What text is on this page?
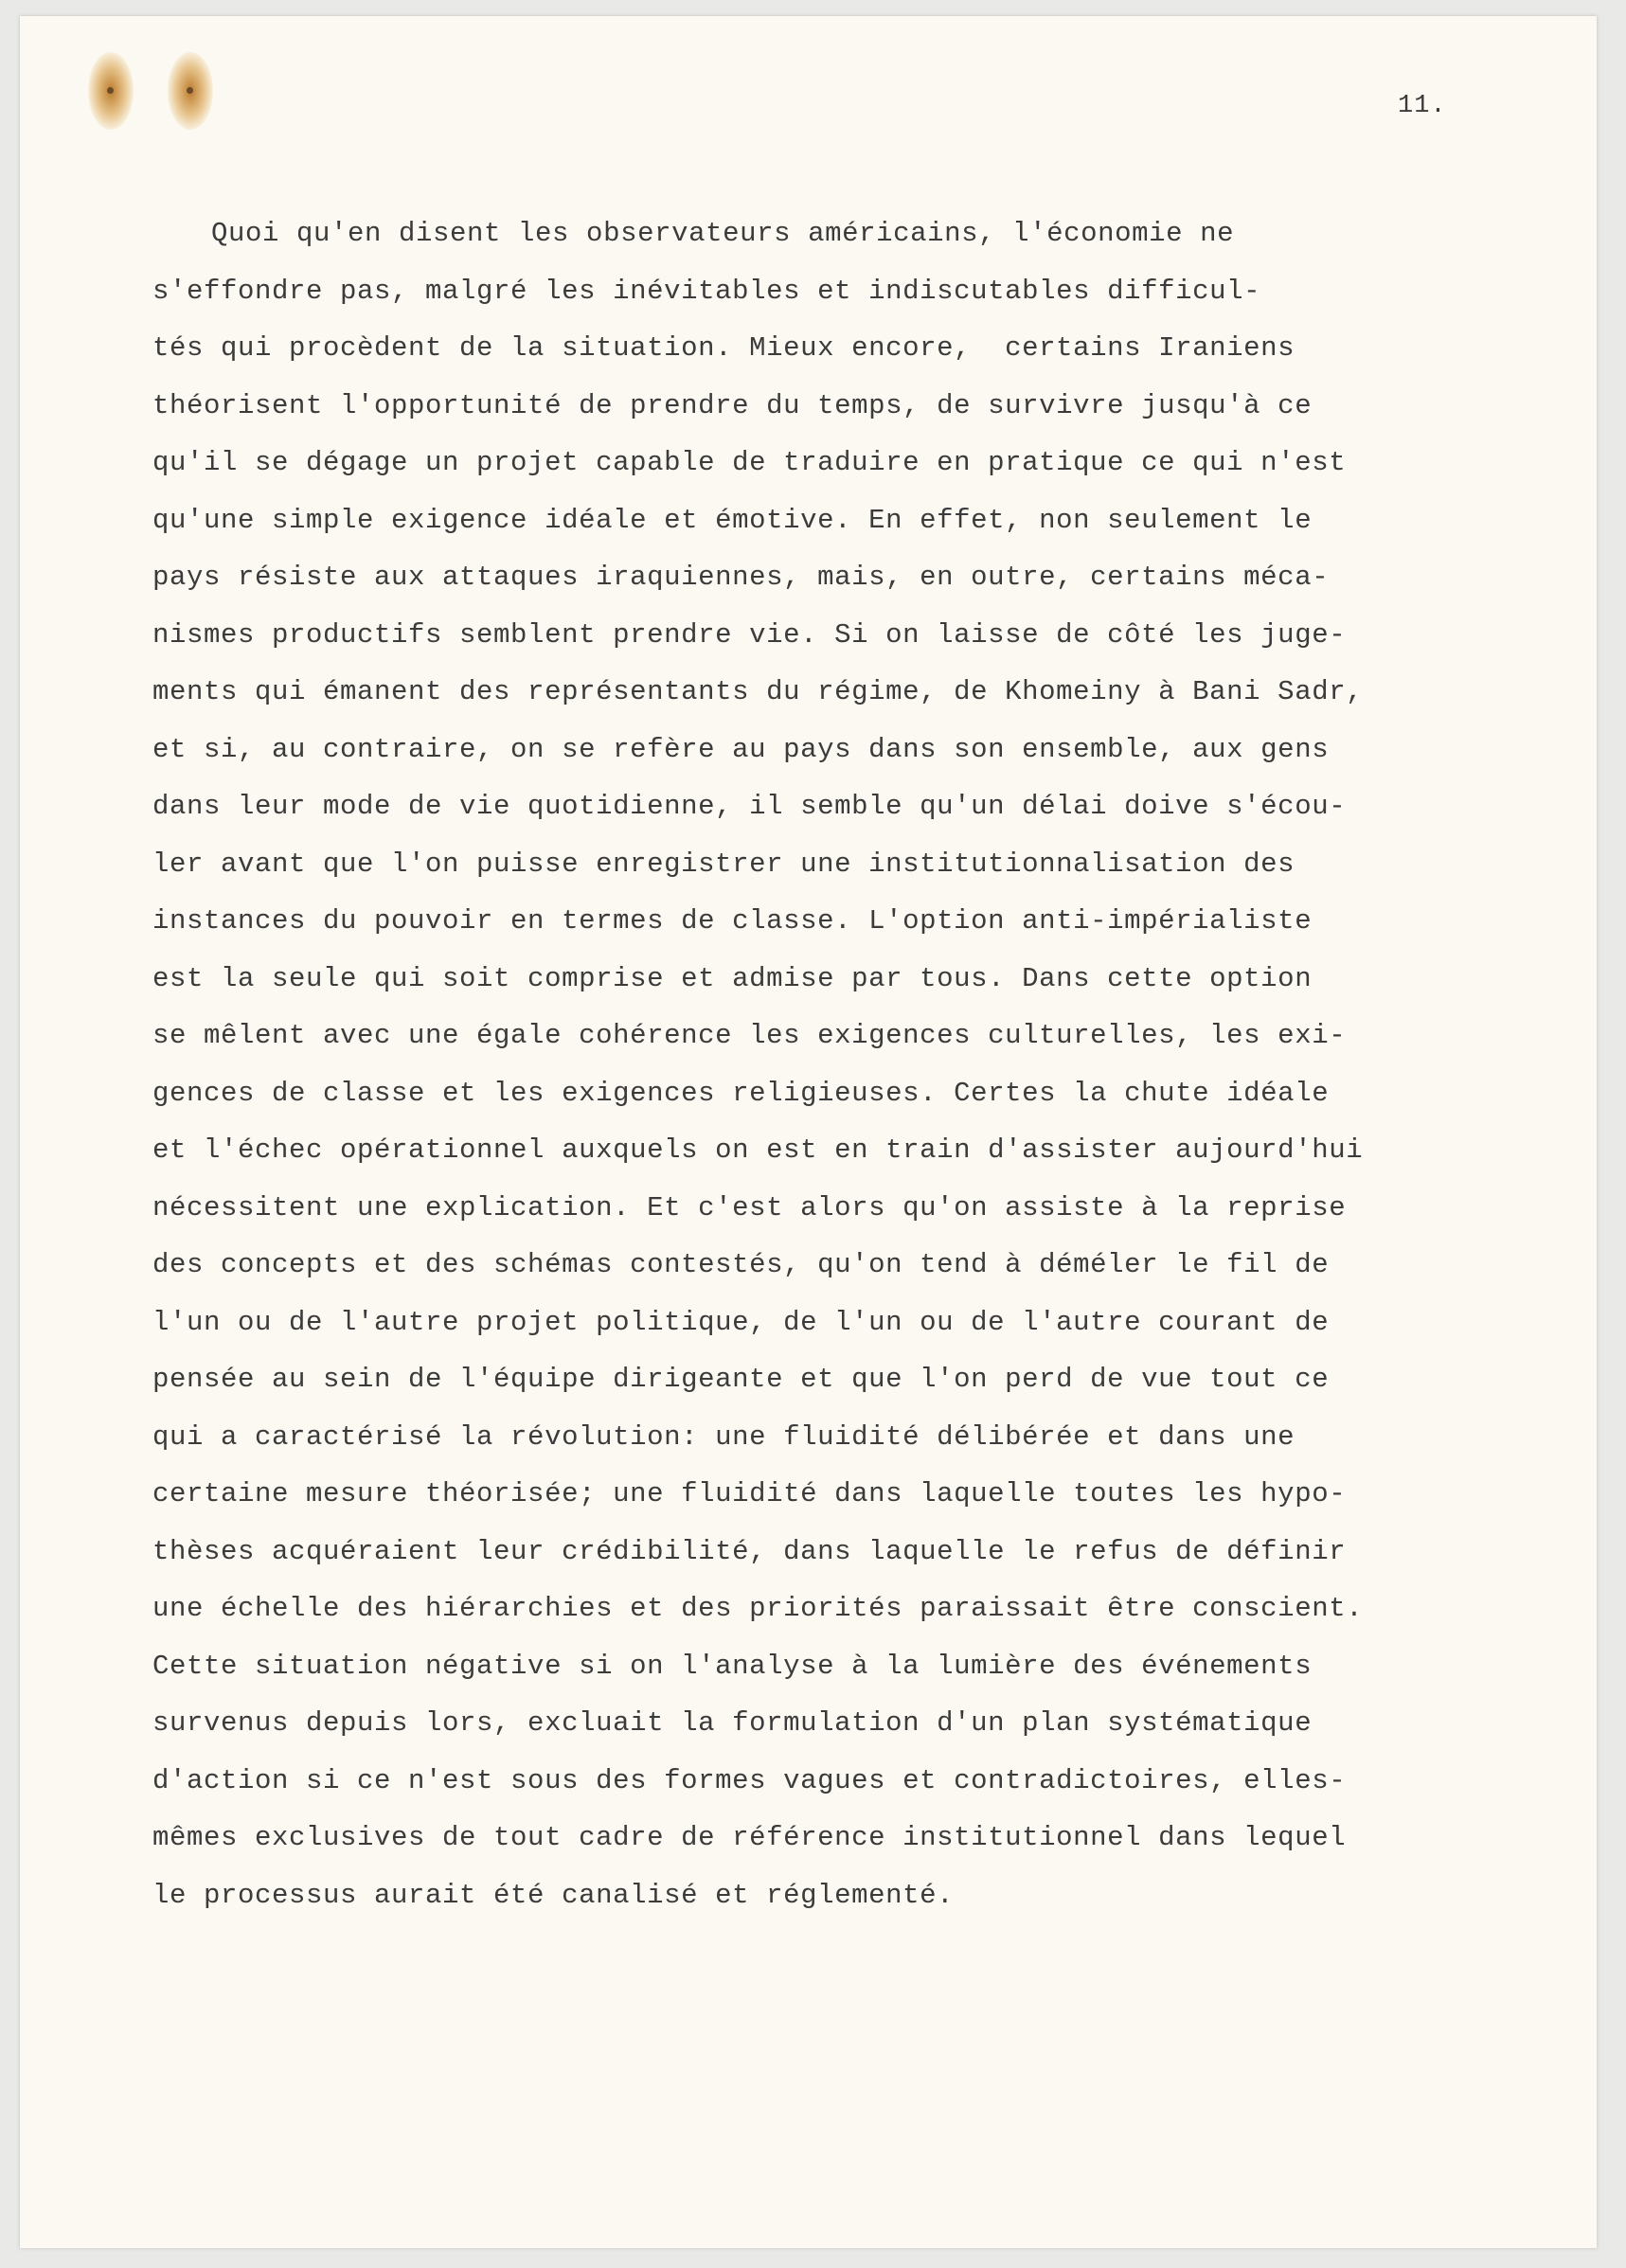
11.
Quoi qu'en disent les observateurs américains, l'économie ne
s'effondre pas, malgré les inévitables et indiscutables difficul-
tés qui procèdent de la situation. Mieux encore,  certains Iraniens
théorisent l'opportunité de prendre du temps, de survivre jusqu'à ce
qu'il se dégage un projet capable de traduire en pratique ce qui n'est
qu'une simple exigence idéale et émotive. En effet, non seulement le
pays résiste aux attaques iraquiennes, mais, en outre, certains méca-
nismes productifs semblent prendre vie. Si on laisse de côté les juge-
ments qui émanent des représentants du régime, de Khomeiny à Bani Sadr,
et si, au contraire, on se refère au pays dans son ensemble, aux gens
dans leur mode de vie quotidienne, il semble qu'un délai doive s'écou-
ler avant que l'on puisse enregistrer une institutionnalisation des
instances du pouvoir en termes de classe. L'option anti-impérialiste
est la seule qui soit comprise et admise par tous. Dans cette option
se mêlent avec une égale cohérence les exigences culturelles, les exi-
gences de classe et les exigences religieuses. Certes la chute idéale
et l'échec opérationnel auxquels on est en train d'assister aujourd'hui
nécessitent une explication. Et c'est alors qu'on assiste à la reprise
des concepts et des schémas contestés, qu'on tend à déméler le fil de
l'un ou de l'autre projet politique, de l'un ou de l'autre courant de
pensée au sein de l'équipe dirigeante et que l'on perd de vue tout ce
qui a caractérisé la révolution: une fluidité délibérée et dans une
certaine mesure théorisée; une fluidité dans laquelle toutes les hypo-
thèses acquéraient leur crédibilité, dans laquelle le refus de définir
une échelle des hiérarchies et des priorités paraissait être conscient.
Cette situation négative si on l'analyse à la lumière des événements
survenus depuis lors, excluait la formulation d'un plan systématique
d'action si ce n'est sous des formes vagues et contradictoires, elles-
mêmes exclusives de tout cadre de référence institutionnel dans lequel
le processus aurait été canalisé et réglementé.
